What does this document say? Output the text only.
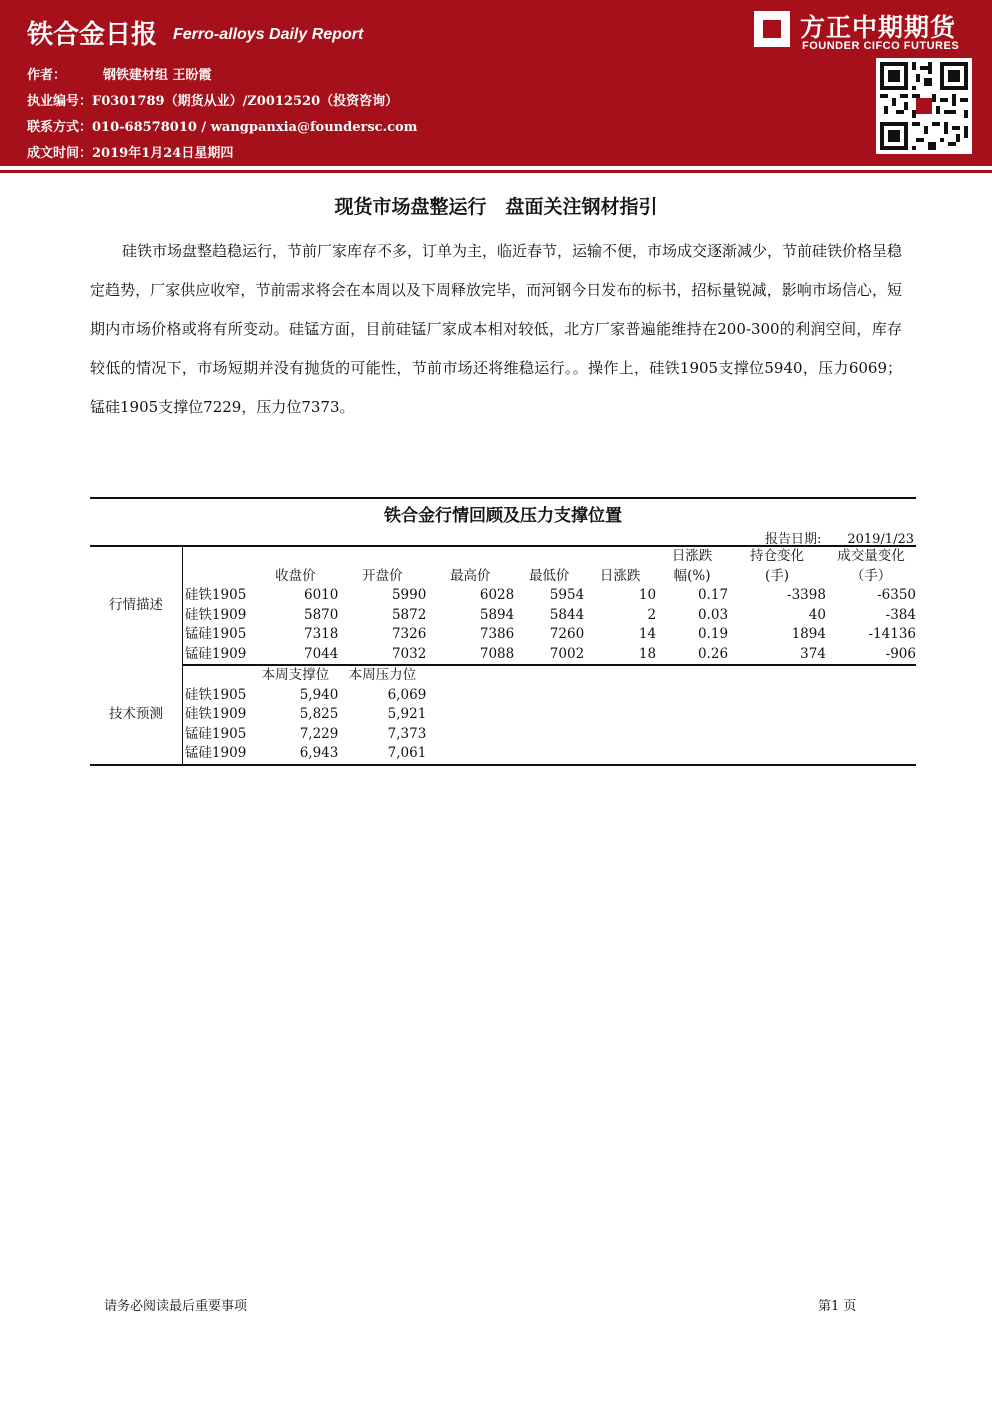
铁合金日报 Ferro-alloys Daily Report	方正中期期货
FOUNDER CIFCO FUTURES
作者：	钢铁建材组 王盼霞
执业编号：F0301789（期货从业）/Z0012520（投资咨询）
联系方式：010-68578010 / wangpanxia@foundersc.com
成文时间：2019年1月24日星期四
现货市场盘整运行　盘面关注钢材指引
硅铁市场盘整趋稳运行，节前厂家库存不多，订单为主，临近春节，运输不便，市场成交逐渐减少，节前硅铁价格呈稳定趋势，厂家供应收窄，节前需求将会在本周以及下周释放完毕，而河钢今日发布的标书，招标量锐减，影响市场信心，短期内市场价格或将有所变动。硅锰方面，目前硅锰厂家成本相对较低，北方厂家普遍能维持在200-300的利润空间，库存较低的情况下，市场短期并没有抛货的可能性，节前市场还将维稳运行。。操作上，硅铁1905支撑位5940，压力6069；锰硅1905支撑位7229，压力位7373。
铁合金行情回顾及压力支撑位置
报告日期: 2019/1/23
行情描述							日涨跌	持仓变化	成交量变化
		收盘价	开盘价	最高价	最低价	日涨跌	幅(%)	(手)	（手）
	硅铁1905	6010	5990	6028	5954	10	0.17	-3398	-6350
	硅铁1909	5870	5872	5894	5844	2	0.03	40	-384
	锰硅1905	7318	7326	7386	7260	14	0.19	1894	-14136
	锰硅1909	7044	7032	7088	7002	18	0.26	374	-906
技术预测		本周支撑位	本周压力位						
	硅铁1905	5,940	6,069						
	硅铁1909	5,825	5,921						
	锰硅1905	7,229	7,373						
	锰硅1909	6,943	7,061						
请务必阅读最后重要事项	第1 页
